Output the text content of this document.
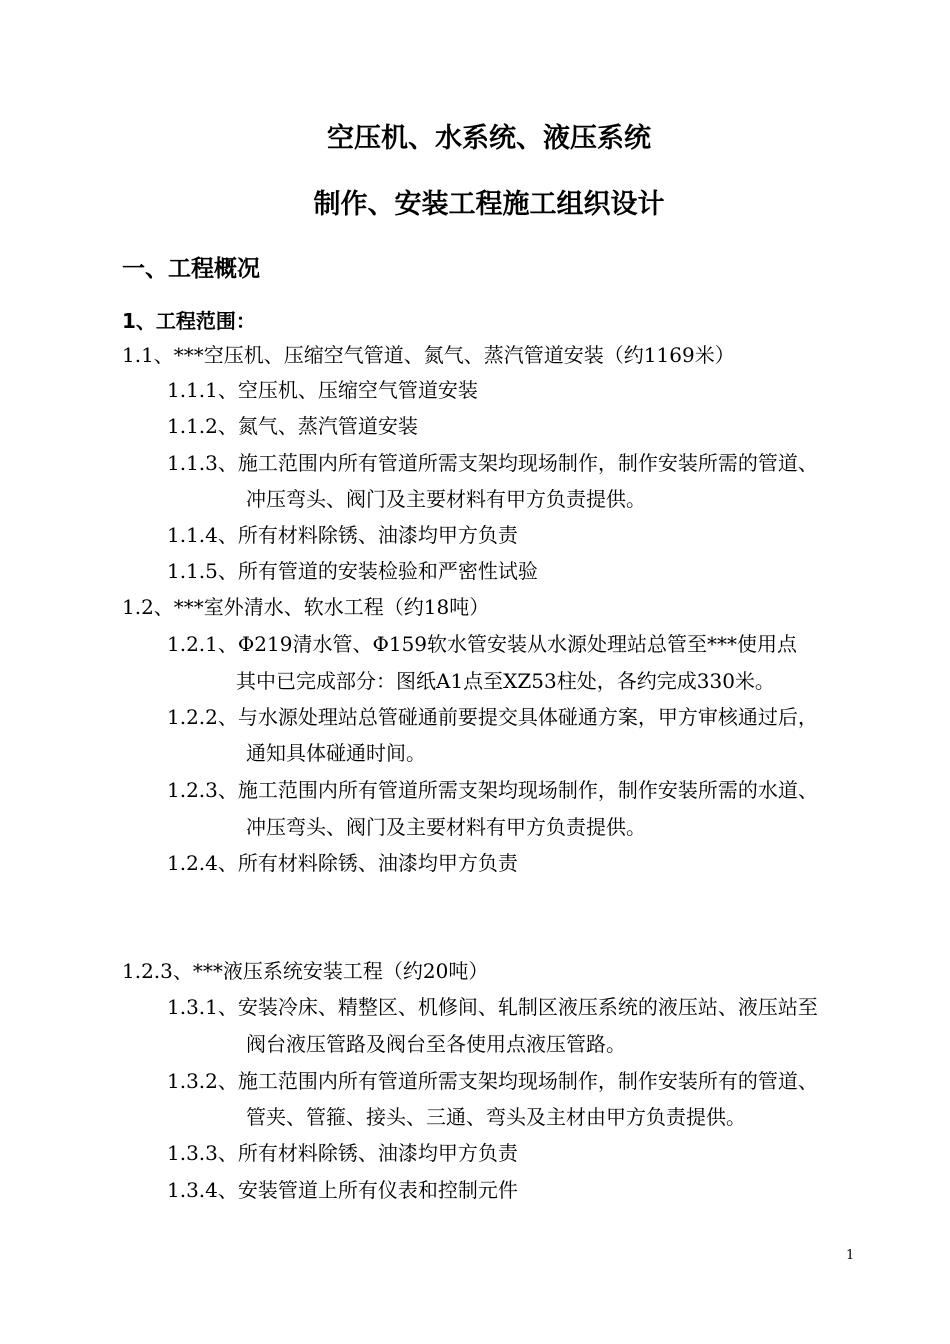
空压机、水系统、液压系统
制作、安装工程施工组织设计
一、工程概况
1、工程范围：
1.1、***空压机、压缩空气管道、氮气、蒸汽管道安装（约1169米）
1.1.1、空压机、压缩空气管道安装
1.1.2、氮气、蒸汽管道安装
1.1.3、施工范围内所有管道所需支架均现场制作，制作安装所需的管道、
冲压弯头、阀门及主要材料有甲方负责提供。
1.1.4、所有材料除锈、油漆均甲方负责
1.1.5、所有管道的安装检验和严密性试验
1.2、***室外清水、软水工程（约18吨）
1.2.1、Φ219清水管、Φ159软水管安装从水源处理站总管至***使用点
其中已完成部分：图纸A1点至XZ53柱处，各约完成330米。
1.2.2、与水源处理站总管碰通前要提交具体碰通方案，甲方审核通过后，
通知具体碰通时间。
1.2.3、施工范围内所有管道所需支架均现场制作，制作安装所需的水道、
冲压弯头、阀门及主要材料有甲方负责提供。
1.2.4、所有材料除锈、油漆均甲方负责
1.2.3、***液压系统安装工程（约20吨）
1.3.1、安装冷床、精整区、机修间、轧制区液压系统的液压站、液压站至
阀台液压管路及阀台至各使用点液压管路。
1.3.2、施工范围内所有管道所需支架均现场制作，制作安装所有的管道、
管夹、管箍、接头、三通、弯头及主材由甲方负责提供。
1.3.3、所有材料除锈、油漆均甲方负责
1.3.4、安装管道上所有仪表和控制元件
1
